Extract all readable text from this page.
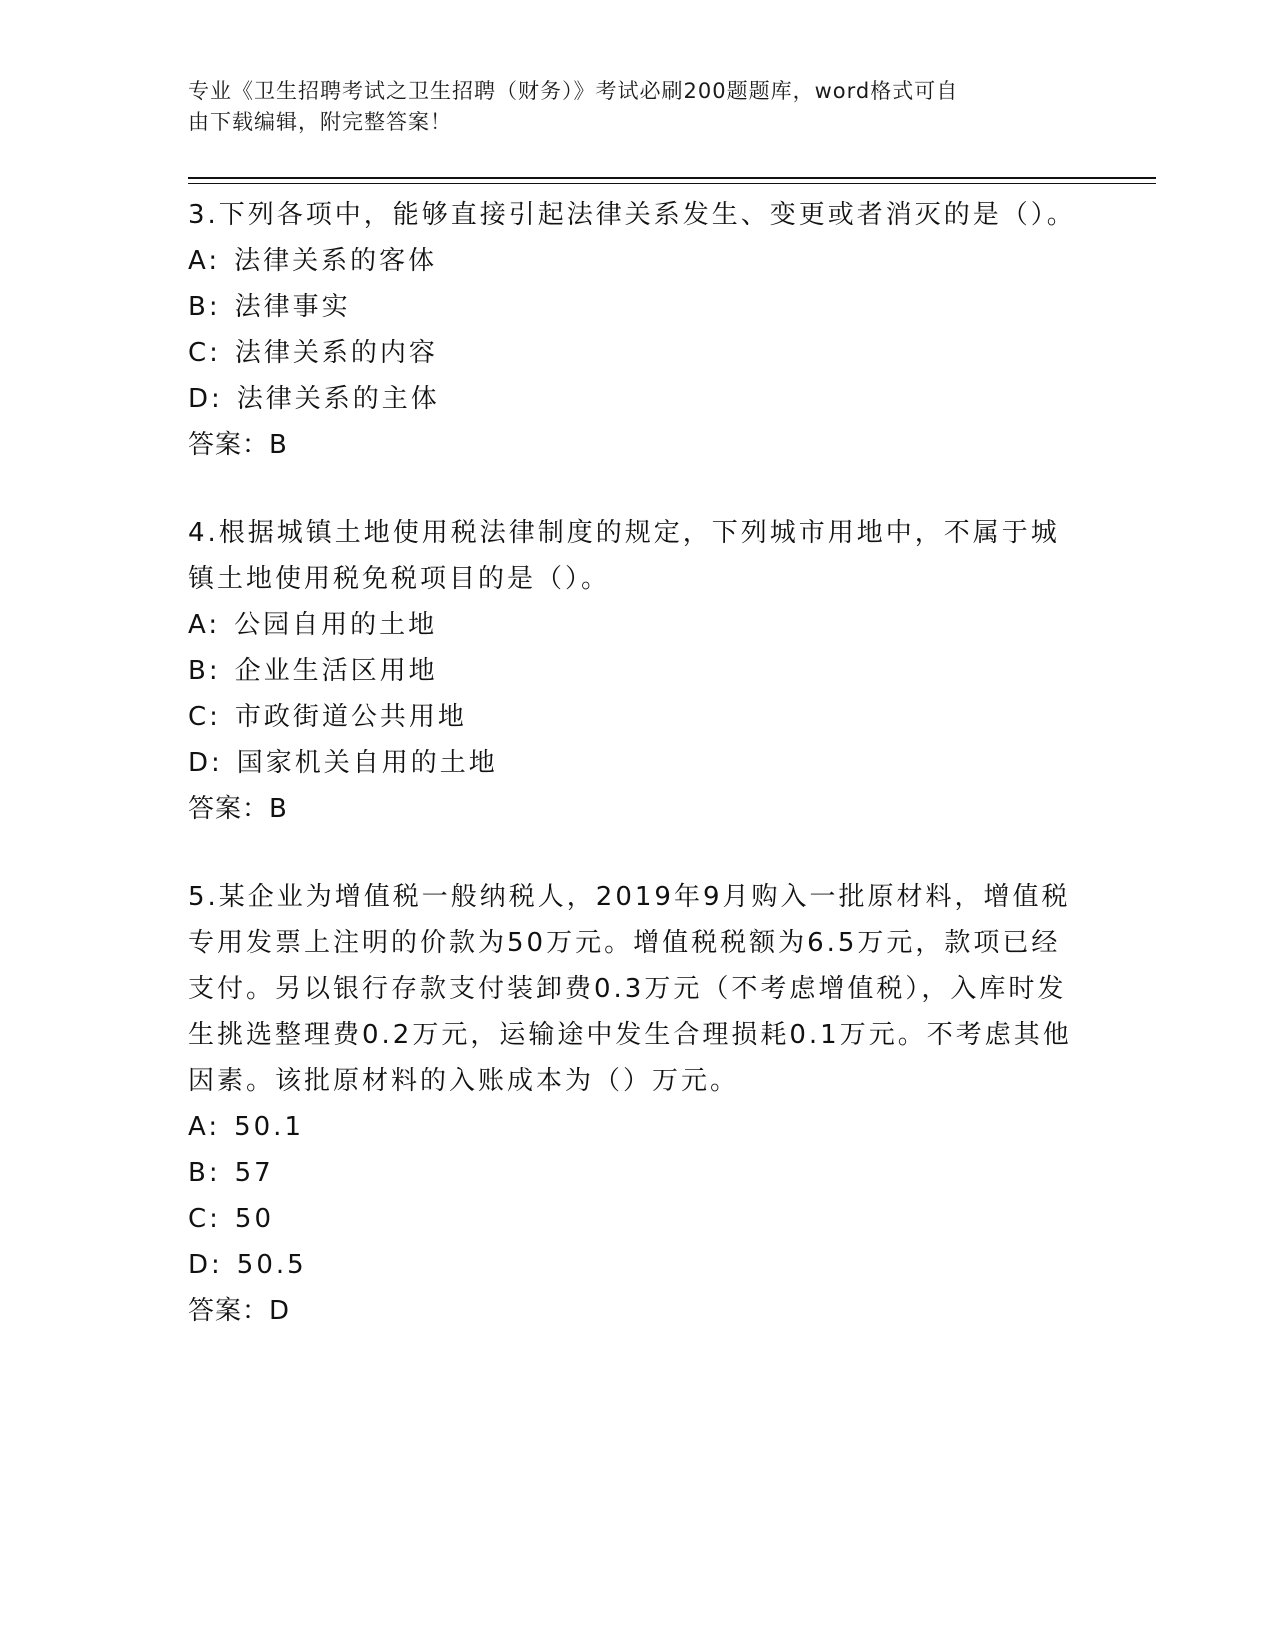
专业《卫生招聘考试之卫生招聘（财务）》考试必刷200题题库，word格式可自
由下载编辑，附完整答案！

3.下列各项中，能够直接引起法律关系发生、变更或者消灭的是（）。

A: 法律关系的客体
B: 法律事实
C: 法律关系的内容
D: 法律关系的主体
答案：B

4.根据城镇土地使用税法律制度的规定，下列城市用地中，不属于城镇土地使用税免税项目的是（）。

A: 公园自用的土地
B: 企业生活区用地
C: 市政街道公共用地
D: 国家机关自用的土地
答案：B

5.某企业为增值税一般纳税人，2019年9月购入一批原材料，增值税专用发票上注明的价款为50万元。增值税税额为6.5万元，款项已经支付。另以银行存款支付装卸费0.3万元（不考虑增值税），入库时发生挑选整理费0.2万元，运输途中发生合理损耗0.1万元。不考虑其他因素。该批原材料的入账成本为（）万元。

A: 50.1
B: 57
C: 50
D: 50.5
答案：D
